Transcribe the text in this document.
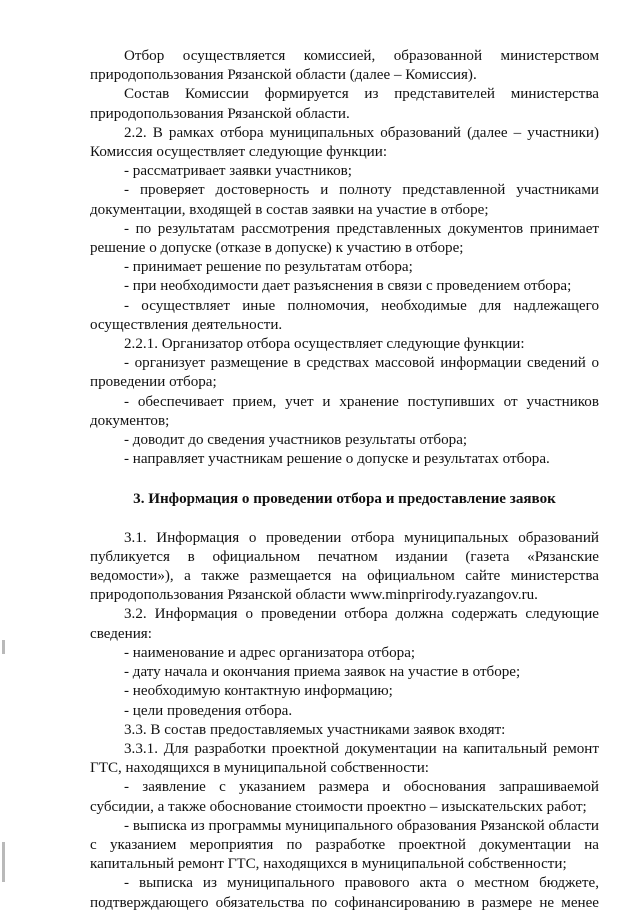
Отбор осуществляется комиссией, образованной министерством природопользования Рязанской области (далее – Комиссия).

Состав Комиссии формируется из представителей министерства природопользования Рязанской области.

2.2. В рамках отбора муниципальных образований (далее – участники) Комиссия осуществляет следующие функции:

- рассматривает заявки участников;

- проверяет достоверность и полноту представленной участниками документации, входящей в состав заявки на участие в отборе;

- по результатам рассмотрения представленных документов принимает решение о допуске (отказе в допуске) к участию в отборе;

- принимает решение по результатам отбора;

- при необходимости дает разъяснения в связи с проведением отбора;

- осуществляет иные полномочия, необходимые для надлежащего осуществления деятельности.

2.2.1. Организатор отбора осуществляет следующие функции:

- организует размещение в средствах массовой информации сведений о проведении отбора;

- обеспечивает прием, учет и хранение поступивших от участников документов;

- доводит до сведения участников результаты отбора;

- направляет участникам решение о допуске и результатах отбора.

3. Информация о проведении отбора и предоставление заявок

3.1. Информация о проведении отбора муниципальных образований публикуется в официальном печатном издании (газета «Рязанские ведомости»), а также размещается на официальном сайте министерства природопользования Рязанской области www.minprirody.ryazangov.ru.

3.2. Информация о проведении отбора должна содержать следующие сведения:

- наименование и адрес организатора отбора;

- дату начала и окончания приема заявок на участие в отборе;

- необходимую контактную информацию;

- цели проведения отбора.

3.3. В состав предоставляемых участниками заявок входят:

3.3.1. Для разработки проектной документации на капитальный ремонт ГТС, находящихся в муниципальной собственности:

- заявление с указанием размера и обоснования запрашиваемой субсидии, а также обоснование стоимости проектно – изыскательских работ;

- выписка из программы муниципального образования Рязанской области с указанием мероприятия по разработке проектной документации на капитальный ремонт ГТС, находящихся в муниципальной собственности;

- выписка из муниципального правового акта о местном бюджете, подтверждающего обязательства по софинансированию в размере не менее
